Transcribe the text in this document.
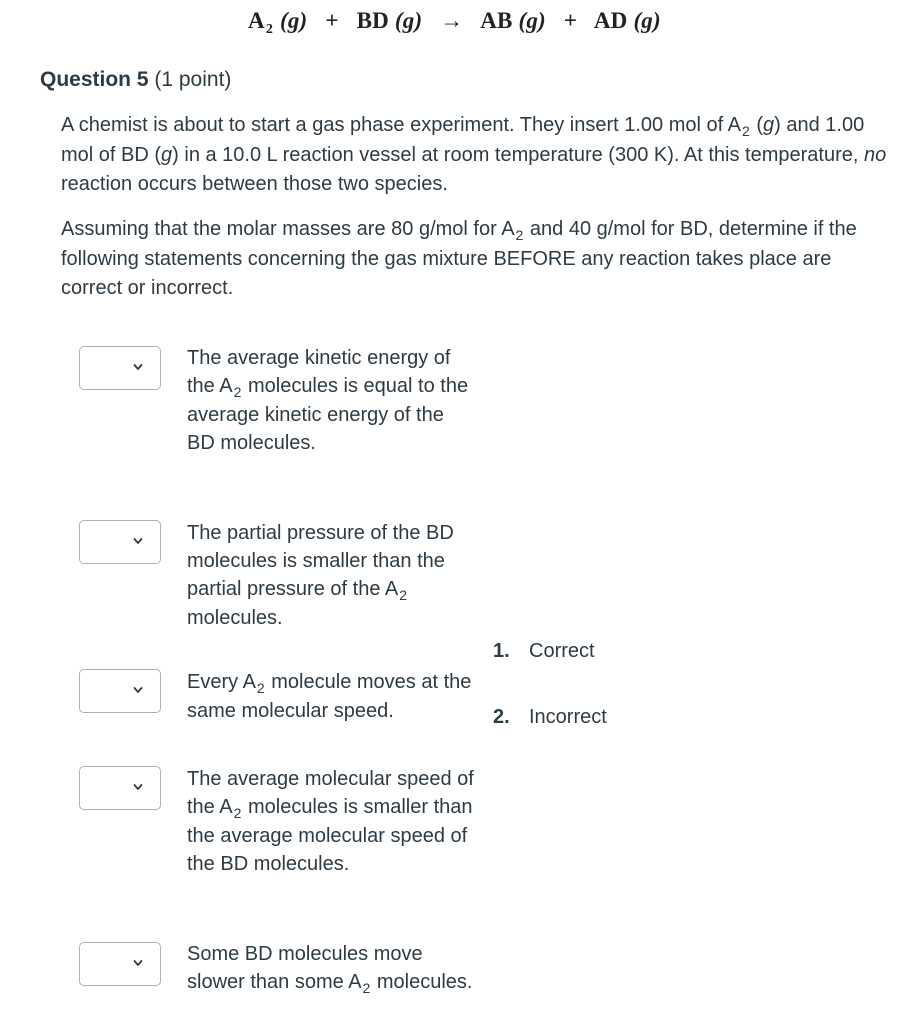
$A_2$ (g) + BD (g) → AB (g) + AD (g)
Question 5 (1 point)
A chemist is about to start a gas phase experiment. They insert 1.00 mol of $A_2$ (g) and 1.00 mol of BD (g) in a 10.0 L reaction vessel at room temperature (300 K). At this temperature, no reaction occurs between those two species.
Assuming that the molar masses are 80 g/mol for $A_2$ and 40 g/mol for BD, determine if the following statements concerning the gas mixture BEFORE any reaction takes place are correct or incorrect.
The average kinetic energy of the $A_2$ molecules is equal to the average kinetic energy of the BD molecules.
The partial pressure of the BD molecules is smaller than the partial pressure of the $A_2$ molecules.
Every $A_2$ molecule moves at the same molecular speed.
The average molecular speed of the $A_2$ molecules is smaller than the average molecular speed of the BD molecules.
Some BD molecules move slower than some $A_2$ molecules.
1. Correct
2. Incorrect
